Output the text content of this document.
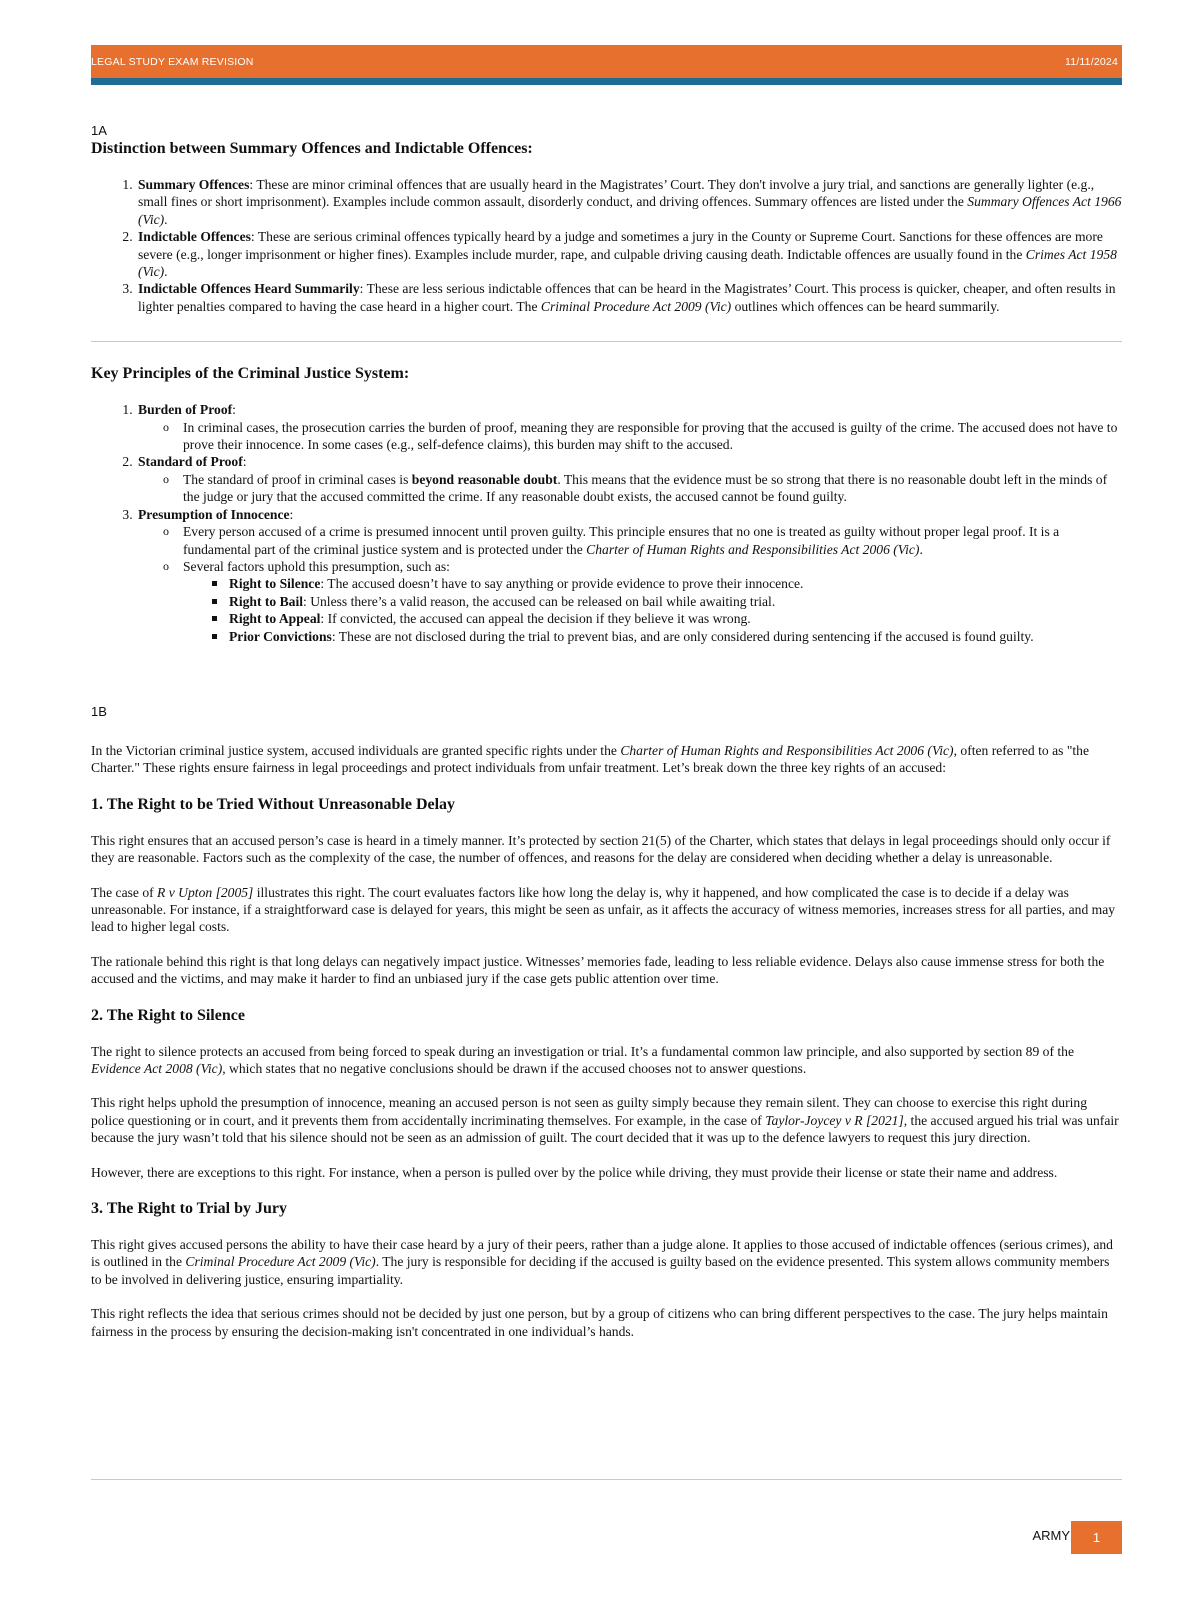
LEGAL STUDY EXAM REVISION	11/11/2024

1A

Distinction between Summary Offences and Indictable Offences:
1. Summary Offences: These are minor criminal offences that are usually heard in the Magistrates’ Court. They don't involve a jury trial, and sanctions are generally lighter (e.g., small fines or short imprisonment). Examples include common assault, disorderly conduct, and driving offences. Summary offences are listed under the Summary Offences Act 1966 (Vic).
2. Indictable Offences: These are serious criminal offences typically heard by a judge and sometimes a jury in the County or Supreme Court. Sanctions for these offences are more severe (e.g., longer imprisonment or higher fines). Examples include murder, rape, and culpable driving causing death. Indictable offences are usually found in the Crimes Act 1958 (Vic).
3. Indictable Offences Heard Summarily: These are less serious indictable offences that can be heard in the Magistrates’ Court. This process is quicker, cheaper, and often results in lighter penalties compared to having the case heard in a higher court. The Criminal Procedure Act 2009 (Vic) outlines which offences can be heard summarily.
Key Principles of the Criminal Justice System:
1. Burden of Proof:
o In criminal cases, the prosecution carries the burden of proof, meaning they are responsible for proving that the accused is guilty of the crime. The accused does not have to prove their innocence. In some cases (e.g., self-defence claims), this burden may shift to the accused.
2. Standard of Proof:
o The standard of proof in criminal cases is beyond reasonable doubt. This means that the evidence must be so strong that there is no reasonable doubt left in the minds of the judge or jury that the accused committed the crime. If any reasonable doubt exists, the accused cannot be found guilty.
3. Presumption of Innocence:
o Every person accused of a crime is presumed innocent until proven guilty. This principle ensures that no one is treated as guilty without proper legal proof. It is a fundamental part of the criminal justice system and is protected under the Charter of Human Rights and Responsibilities Act 2006 (Vic).
o Several factors uphold this presumption, such as:
Right to Silence: The accused doesn’t have to say anything or provide evidence to prove their innocence.
Right to Bail: Unless there’s a valid reason, the accused can be released on bail while awaiting trial.
Right to Appeal: If convicted, the accused can appeal the decision if they believe it was wrong.
Prior Convictions: These are not disclosed during the trial to prevent bias, and are only considered during sentencing if the accused is found guilty.

1B

In the Victorian criminal justice system, accused individuals are granted specific rights under the Charter of Human Rights and Responsibilities Act 2006 (Vic), often referred to as "the Charter." These rights ensure fairness in legal proceedings and protect individuals from unfair treatment. Let’s break down the three key rights of an accused:

1. The Right to be Tried Without Unreasonable Delay

This right ensures that an accused person’s case is heard in a timely manner. It’s protected by section 21(5) of the Charter, which states that delays in legal proceedings should only occur if they are reasonable. Factors such as the complexity of the case, the number of offences, and reasons for the delay are considered when deciding whether a delay is unreasonable.

The case of R v Upton [2005] illustrates this right. The court evaluates factors like how long the delay is, why it happened, and how complicated the case is to decide if a delay was unreasonable. For instance, if a straightforward case is delayed for years, this might be seen as unfair, as it affects the accuracy of witness memories, increases stress for all parties, and may lead to higher legal costs.

The rationale behind this right is that long delays can negatively impact justice. Witnesses’ memories fade, leading to less reliable evidence. Delays also cause immense stress for both the accused and the victims, and may make it harder to find an unbiased jury if the case gets public attention over time.

2. The Right to Silence

The right to silence protects an accused from being forced to speak during an investigation or trial. It’s a fundamental common law principle, and also supported by section 89 of the Evidence Act 2008 (Vic), which states that no negative conclusions should be drawn if the accused chooses not to answer questions.

This right helps uphold the presumption of innocence, meaning an accused person is not seen as guilty simply because they remain silent. They can choose to exercise this right during police questioning or in court, and it prevents them from accidentally incriminating themselves. For example, in the case of Taylor-Joycey v R [2021], the accused argued his trial was unfair because the jury wasn’t told that his silence should not be seen as an admission of guilt. The court decided that it was up to the defence lawyers to request this jury direction.

However, there are exceptions to this right. For instance, when a person is pulled over by the police while driving, they must provide their license or state their name and address.

3. The Right to Trial by Jury

This right gives accused persons the ability to have their case heard by a jury of their peers, rather than a judge alone. It applies to those accused of indictable offences (serious crimes), and is outlined in the Criminal Procedure Act 2009 (Vic). The jury is responsible for deciding if the accused is guilty based on the evidence presented. This system allows community members to be involved in delivering justice, ensuring impartiality.

This right reflects the idea that serious crimes should not be decided by just one person, but by a group of citizens who can bring different perspectives to the case. The jury helps maintain fairness in the process by ensuring the decision-making isn't concentrated in one individual’s hands.

ARMY	1
